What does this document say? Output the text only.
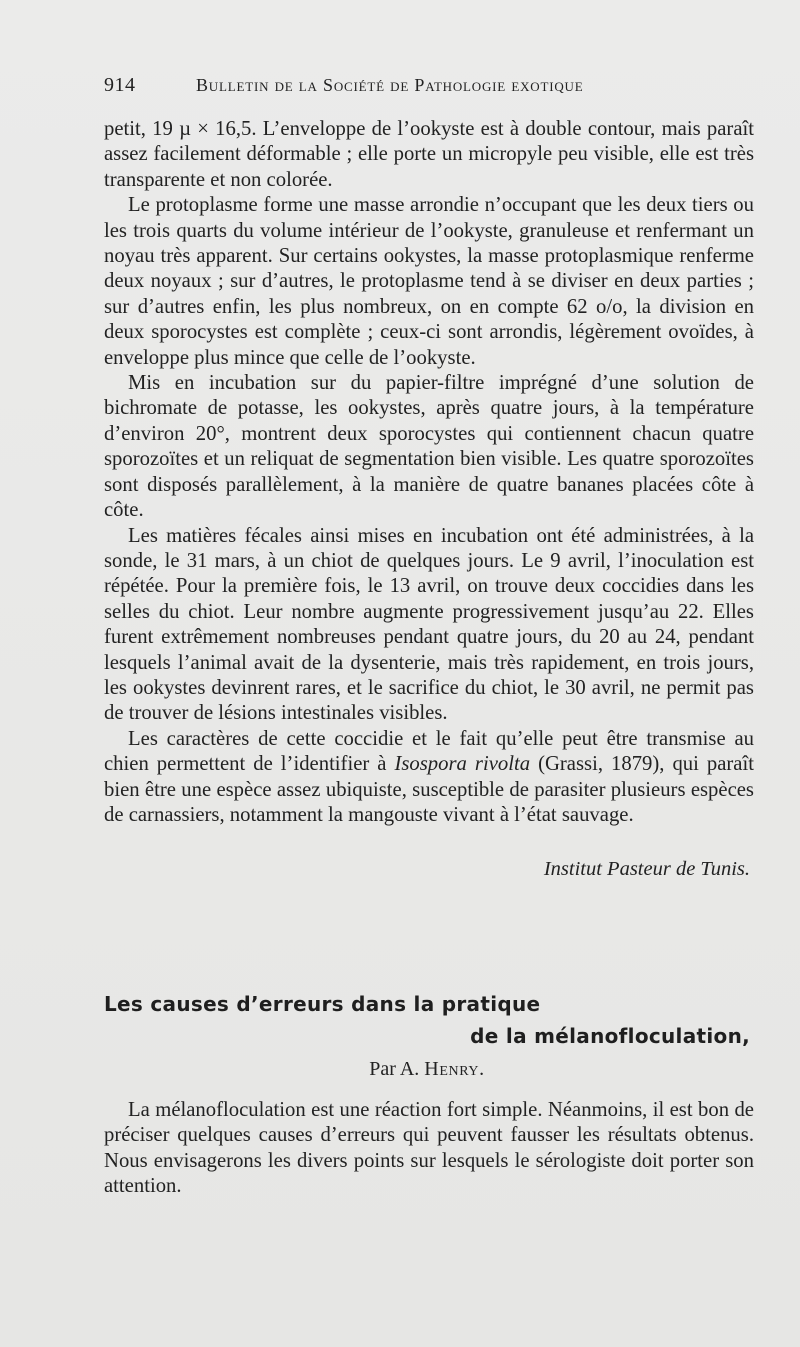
914	Bulletin de la Société de Pathologie exotique

petit, 19 µ × 16,5. L’enveloppe de l’ookyste est à double contour, mais paraît assez facilement déformable ; elle porte un micropyle peu visible, elle est très transparente et non colorée.

Le protoplasme forme une masse arrondie n’occupant que les deux tiers ou les trois quarts du volume intérieur de l’ookyste, granuleuse et renfermant un noyau très apparent. Sur certains ookystes, la masse protoplasmique renferme deux noyaux ; sur d’autres, le protoplasme tend à se diviser en deux parties ; sur d’autres enfin, les plus nombreux, on en compte 62 o/o, la division en deux sporocystes est complète ; ceux-ci sont arrondis, légèrement ovoïdes, à enveloppe plus mince que celle de l’ookyste.

Mis en incubation sur du papier-filtre imprégné d’une solution de bichromate de potasse, les ookystes, après quatre jours, à la température d’environ 20°, montrent deux sporocystes qui contiennent chacun quatre sporozoïtes et un reliquat de segmentation bien visible. Les quatre sporozoïtes sont disposés parallèlement, à la manière de quatre bananes placées côte à côte.

Les matières fécales ainsi mises en incubation ont été administrées, à la sonde, le 31 mars, à un chiot de quelques jours. Le 9 avril, l’inoculation est répétée. Pour la première fois, le 13 avril, on trouve deux coccidies dans les selles du chiot. Leur nombre augmente progressivement jusqu’au 22. Elles furent extrêmement nombreuses pendant quatre jours, du 20 au 24, pendant lesquels l’animal avait de la dysenterie, mais très rapidement, en trois jours, les ookystes devinrent rares, et le sacrifice du chiot, le 30 avril, ne permit pas de trouver de lésions intestinales visibles.

Les caractères de cette coccidie et le fait qu’elle peut être transmise au chien permettent de l’identifier à Isospora rivolta (Grassi, 1879), qui paraît bien être une espèce assez ubiquiste, susceptible de parasiter plusieurs espèces de carnassiers, notamment la mangouste vivant à l’état sauvage.

Institut Pasteur de Tunis.
Les causes d’erreurs dans la pratique
de la mélanofloculation,
Par A. Henry.

La mélanofloculation est une réaction fort simple. Néanmoins, il est bon de préciser quelques causes d’erreurs qui peuvent fausser les résultats obtenus. Nous envisagerons les divers points sur lesquels le sérologiste doit porter son attention.
